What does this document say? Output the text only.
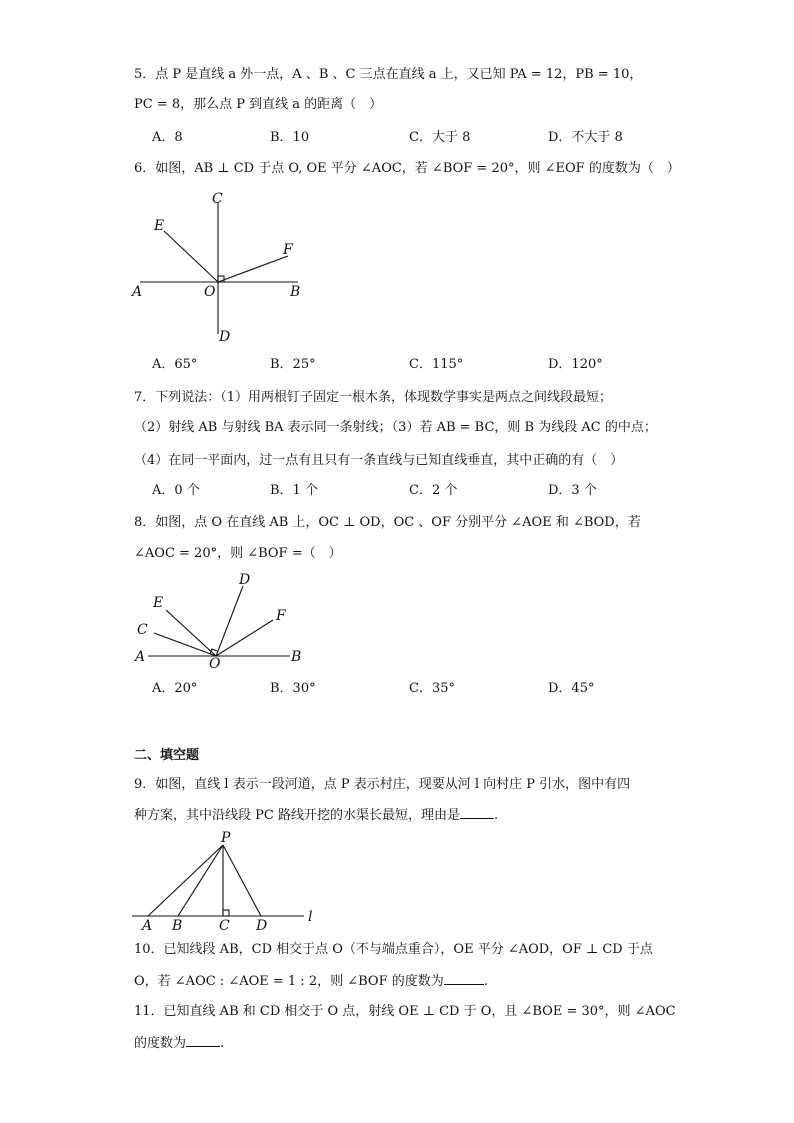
5．点 P 是直线 a 外一点，A 、B 、C 三点在直线 a 上，又已知 PA = 12，PB = 10，
PC = 8，那么点 P 到直线 a 的距离（　）
A．8	B．10	C．大于 8	D．不大于 8
6．如图，AB ⊥ CD 于点 O, OE 平分 ∠AOC，若 ∠BOF = 20°，则 ∠EOF 的度数为（　）
C
E
F
A	O	B
D
A．65°	B．25°	C．115°	D．120°
7．下列说法：（1）用两根钉子固定一根木条，体现数学事实是两点之间线段最短；
（2）射线 AB 与射线 BA 表示同一条射线；（3）若 AB = BC，则 B 为线段 AC 的中点；
（4）在同一平面内，过一点有且只有一条直线与已知直线垂直，其中正确的有（　）
A．0 个	B．1 个	C．2 个	D．3 个
8．如图，点 O 在直线 AB 上，OC ⊥ OD，OC 、OF 分别平分 ∠AOE 和 ∠BOD，若
∠AOC = 20°，则 ∠BOF =（　）
D
E
F
C
A	O	B
A．20°	B．30°	C．35°	D．45°
二、填空题
9．如图，直线 l 表示一段河道，点 P 表示村庄，现要从河 l 向村庄 P 引水，图中有四
种方案，其中沿线段 PC 路线开挖的水渠长最短，理由是	.
P
A B	C D
l
10．已知线段 AB，CD 相交于点 O（不与端点重合），OE 平分 ∠AOD，OF ⊥ CD 于点
O，若 ∠AOC : ∠AOE = 1 : 2，则 ∠BOF 的度数为	.
11．已知直线 AB 和 CD 相交于 O 点，射线 OE ⊥ CD 于 O，且 ∠BOE = 30°，则 ∠AOC
的度数为	.
